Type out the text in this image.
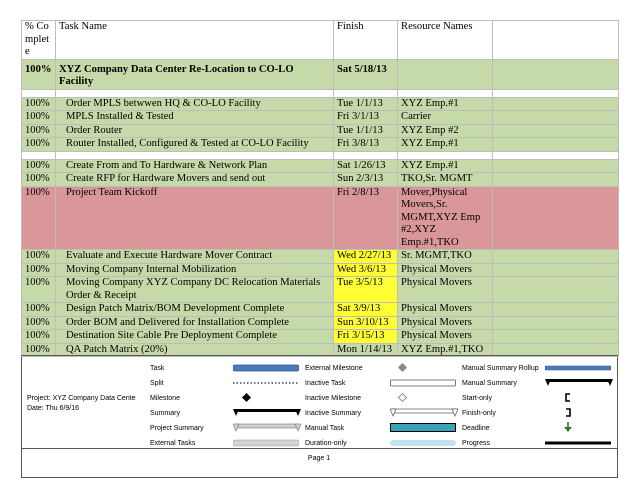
% Complete	Task Name	Finish	Resource Names	
100%	XYZ Company Data Center Re-Location to CO-LO Facility	Sat 5/18/13		

100%	Order MPLS betwwen HQ & CO-LO Facility	Tue 1/1/13	XYZ Emp.#1	
100%	MPLS Installed & Tested	Fri 3/1/13	Carrier	
100%	Order Router	Tue 1/1/13	XYZ Emp #2	
100%	Router Installed, Configured & Tested at CO-LO Facility	Fri 3/8/13	XYZ Emp.#1	

100%	Create From and To Hardware & Network Plan	Sat 1/26/13	XYZ Emp.#1	
100%	Create RFP for Hardware Movers and send out	Sun 2/3/13	TKO,Sr. MGMT	
100%	Project Team Kickoff	Fri 2/8/13	Mover,Physical Movers,Sr. MGMT,XYZ Emp #2,XYZ Emp.#1,TKO	
100%	Evaluate and Execute Hardware Mover Contract	Wed 2/27/13	Sr. MGMT,TKO	
100%	Moving Company Internal Mobilization	Wed 3/6/13	Physical Movers	
100%	Moving Company XYZ Company DC Relocation Materials Order & Receipt	Tue 3/5/13	Physical Movers	
100%	Design Patch Matrix/BOM Development Complete	Sat 3/9/13	Physical Movers	
100%	Order BOM and Delivered for Installation Complete	Sun 3/10/13	Physical Movers	
100%	Destination Site Cable Pre Deployment Complete	Fri 3/15/13	Physical Movers	
100%	QA Patch Matrix (20%)	Mon 1/14/13	XYZ Emp.#1,TKO	
Project: XYZ Company Data Cente
Date: Thu 6/9/16
Task
Split
Milestone
Summary
Project Summary
External Tasks
External Milestone
Inactive Task
Inactive Milestone
Inactive Summary
Manual Task
Duration-only
Manual Summary Rollup
Manual Summary
Start-only
Finish-only
Deadline
Progress
Page 1
